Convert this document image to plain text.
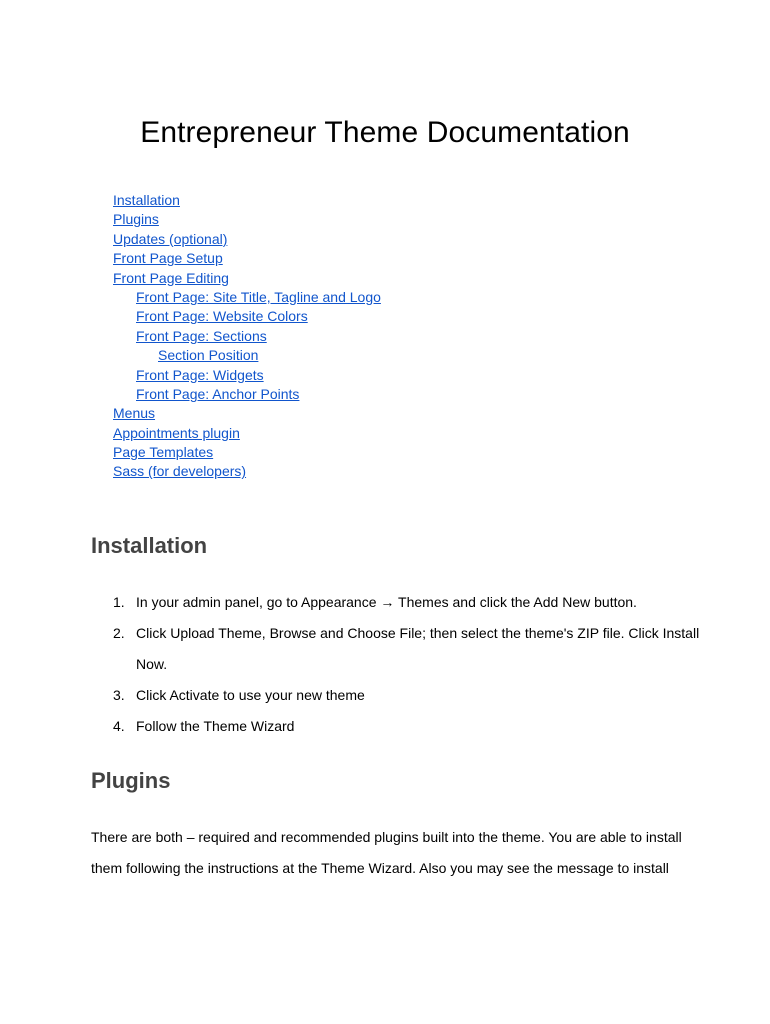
Entrepreneur Theme Documentation
Installation
Plugins
Updates (optional)
Front Page Setup
Front Page Editing
Front Page: Site Title, Tagline and Logo
Front Page: Website Colors
Front Page: Sections
Section Position
Front Page: Widgets
Front Page: Anchor Points
Menus
Appointments plugin
Page Templates
Sass (for developers)
Installation
1. In your admin panel, go to Appearance → Themes and click the Add New button.
2. Click Upload Theme, Browse and Choose File; then select the theme's ZIP file. Click Install Now.
3. Click Activate to use your new theme
4. Follow the Theme Wizard
Plugins

There are both – required and recommended plugins built into the theme. You are able to install them following the instructions at the Theme Wizard. Also you may see the message to install
